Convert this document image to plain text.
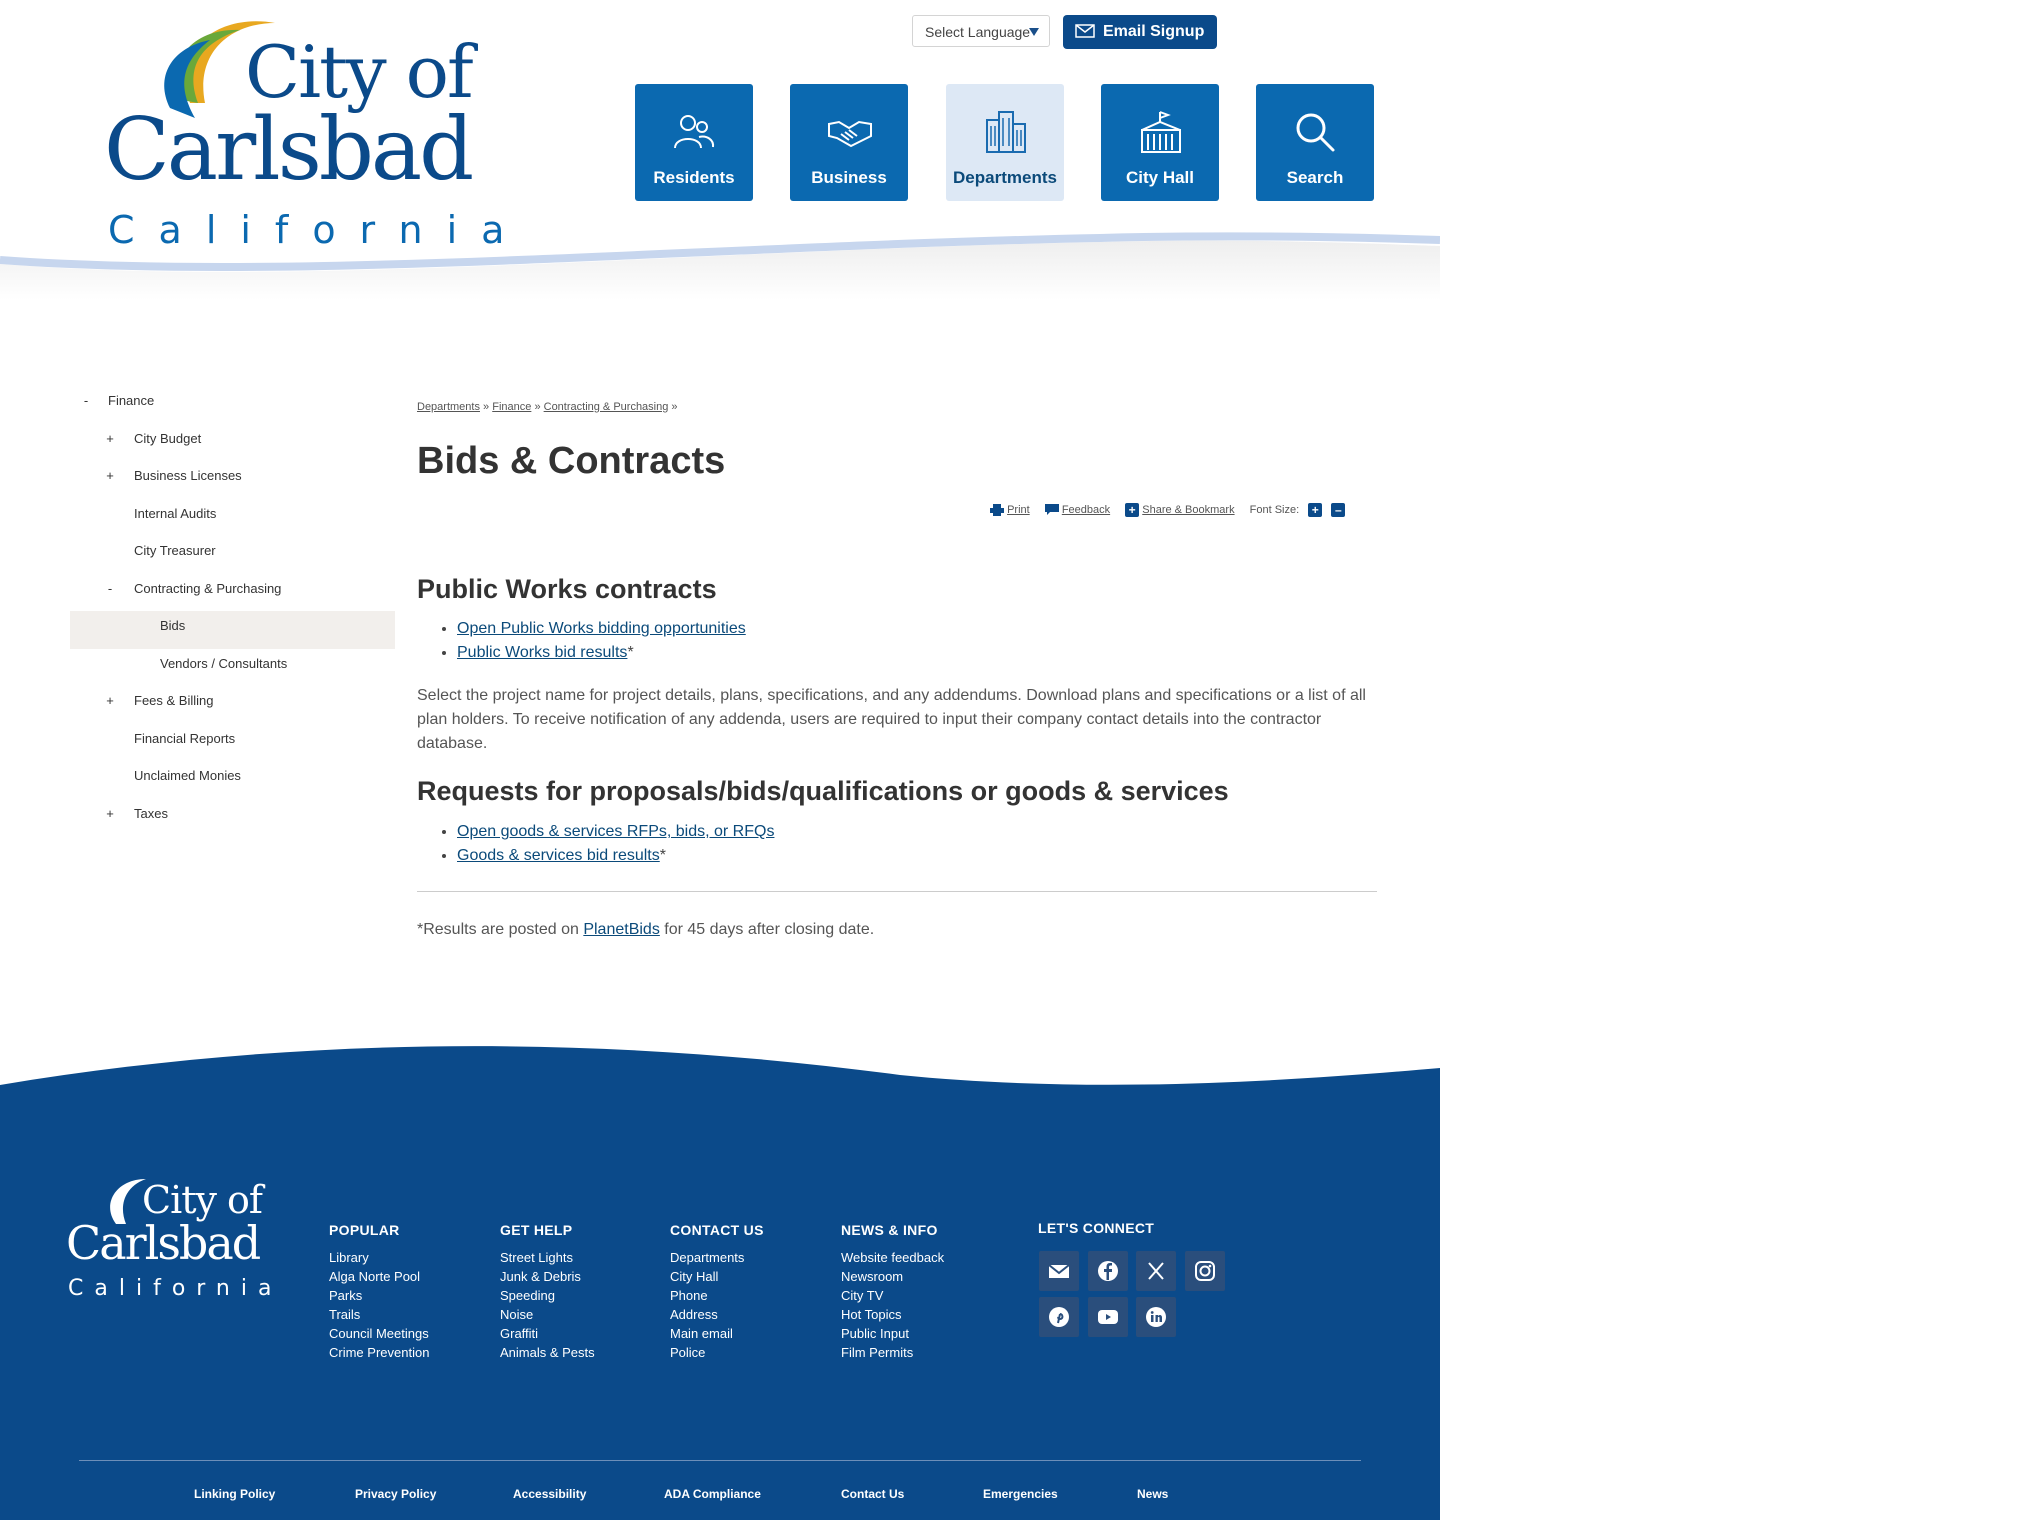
City of
Carlsbad
California
Select Language	Email Signup
Residents	Business	Departments	City Hall	Search
- Finance
+ City Budget
+ Business Licenses
Internal Audits
City Treasurer
- Contracting & Purchasing
Bids
Vendors / Consultants
+ Fees & Billing
Financial Reports
Unclaimed Monies
+ Taxes
Departments » Finance » Contracting & Purchasing »
Bids & Contracts
Print	Feedback + Share & Bookmark Font Size: + –
Public Works contracts
• Open Public Works bidding opportunities
• Public Works bid results*
Select the project name for project details, plans, specifications, and any addendums. Download plans and specifications or a list of all plan holders. To receive notification of any addenda, users are required to input their company contact details into the contractor database.
Requests for proposals/bids/qualifications or goods & services
• Open goods & services RFPs, bids, or RFQs
• Goods & services bid results*
*Results are posted on PlanetBids for 45 days after closing date.
City of
Carlsbad
California
POPULAR
Library
Alga Norte Pool
Parks
Trails
Council Meetings
Crime Prevention
GET HELP
Street Lights
Junk & Debris
Speeding
Noise
Graffiti
Animals & Pests
CONTACT US
Departments
City Hall
Phone
Address
Main email
Police
NEWS & INFO
Website feedback
Newsroom
City TV
Hot Topics
Public Input
Film Permits
LET'S CONNECT
Linking Policy	Privacy Policy	Accessibility	ADA Compliance	Contact Us	Emergencies	News
